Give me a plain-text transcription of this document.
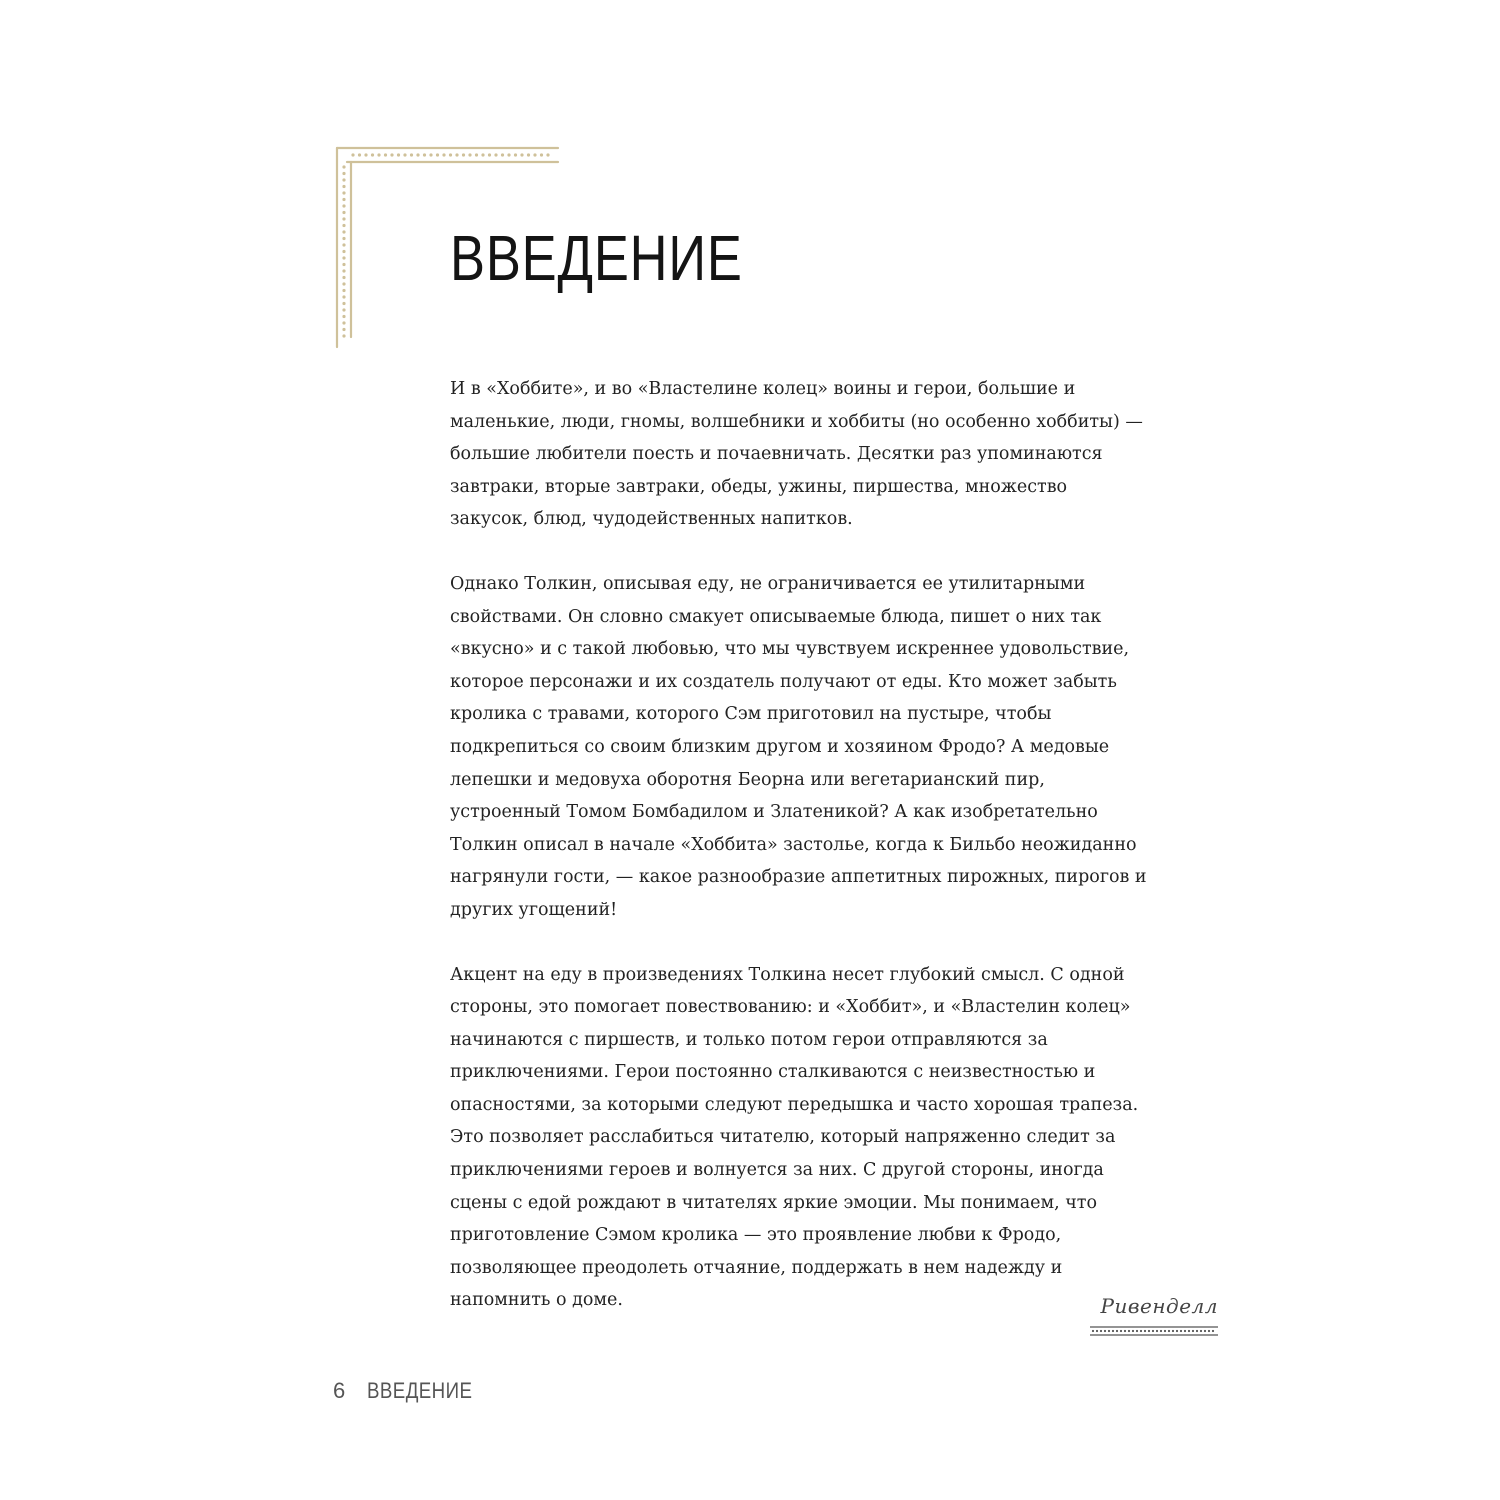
ВВЕДЕНИЕ

И в «Хоббите», и во «Властелине колец» воины и герои, большие и маленькие, люди, гномы, волшебники и хоббиты (но особенно хоббиты) — большие любители поесть и почаевничать. Десятки раз упоминаются завтраки, вторые завтраки, обеды, ужины, пиршества, множество закусок, блюд, чудодейственных напитков.

Однако Толкин, описывая еду, не ограничивается ее утилитарными свойствами. Он словно смакует описываемые блюда, пишет о них так «вкусно» и с такой любовью, что мы чувствуем искреннее удовольствие, которое персонажи и их создатель получают от еды. Кто может забыть кролика с травами, которого Сэм приготовил на пустыре, чтобы подкрепиться со своим близким другом и хозяином Фродо? А медовые лепешки и медовуха оборотня Беорна или вегетарианский пир, устроенный Томом Бомбадилом и Златеникой? А как изобретательно Толкин описал в начале «Хоббита» застолье, когда к Бильбо неожиданно нагрянули гости, — какое разнообразие аппетитных пирожных, пирогов и других угощений!

Акцент на еду в произведениях Толкина несет глубокий смысл. С одной стороны, это помогает повествованию: и «Хоббит», и «Властелин колец» начинаются с пиршеств, и только потом герои отправляются за приключениями. Герои постоянно сталкиваются с неизвестностью и опасностями, за которыми следуют передышка и часто хорошая трапеза. Это позволяет расслабиться читателю, который напряженно следит за приключениями героев и волнуется за них. С другой стороны, иногда сцены с едой рождают в читателях яркие эмоции. Мы понимаем, что приготовление Сэмом кролика — это проявление любви к Фродо, позволяющее преодолеть отчаяние, поддержать в нем надежду и напомнить о доме.	Ривенделл
6 ВВЕДЕНИЕ
